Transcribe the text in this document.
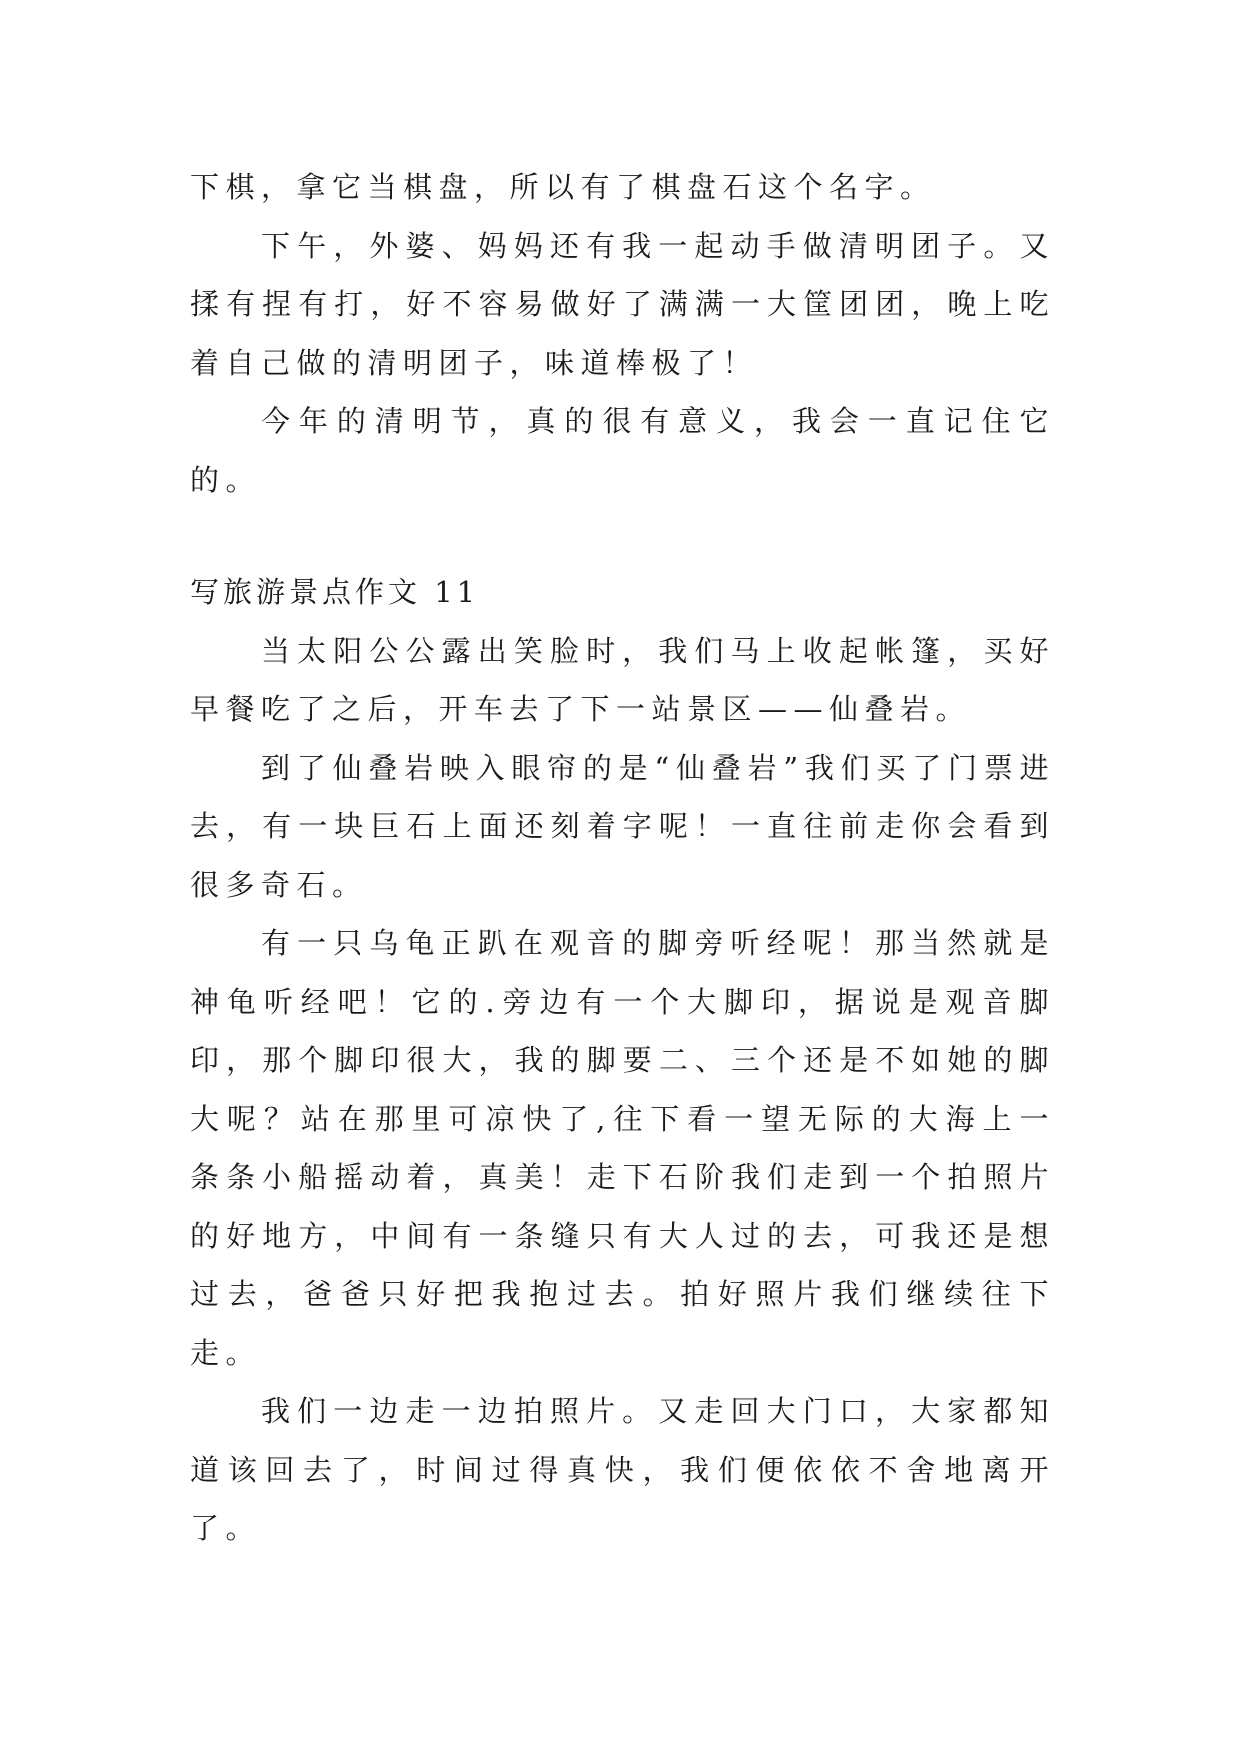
下棋，拿它当棋盘，所以有了棋盘石这个名字。

下午，外婆、妈妈还有我一起动手做清明团子。又揉有捏有打，好不容易做好了满满一大筐团团，晚上吃着自己做的清明团子，味道棒极了！

今年的清明节，真的很有意义，我会一直记住它的。

写旅游景点作文 11

当太阳公公露出笑脸时，我们马上收起帐篷，买好早餐吃了之后，开车去了下一站景区——仙叠岩。

到了仙叠岩映入眼帘的是“仙叠岩”我们买了门票进去，有一块巨石上面还刻着字呢！一直往前走你会看到很多奇石。

有一只乌龟正趴在观音的脚旁听经呢！那当然就是神龟听经吧！它的.旁边有一个大脚印，据说是观音脚印，那个脚印很大，我的脚要二、三个还是不如她的脚大呢？站在那里可凉快了,往下看一望无际的大海上一条条小船摇动着，真美！走下石阶我们走到一个拍照片的好地方，中间有一条缝只有大人过的去，可我还是想过去，爸爸只好把我抱过去。拍好照片我们继续往下走。

我们一边走一边拍照片。又走回大门口，大家都知道该回去了，时间过得真快，我们便依依不舍地离开了。
